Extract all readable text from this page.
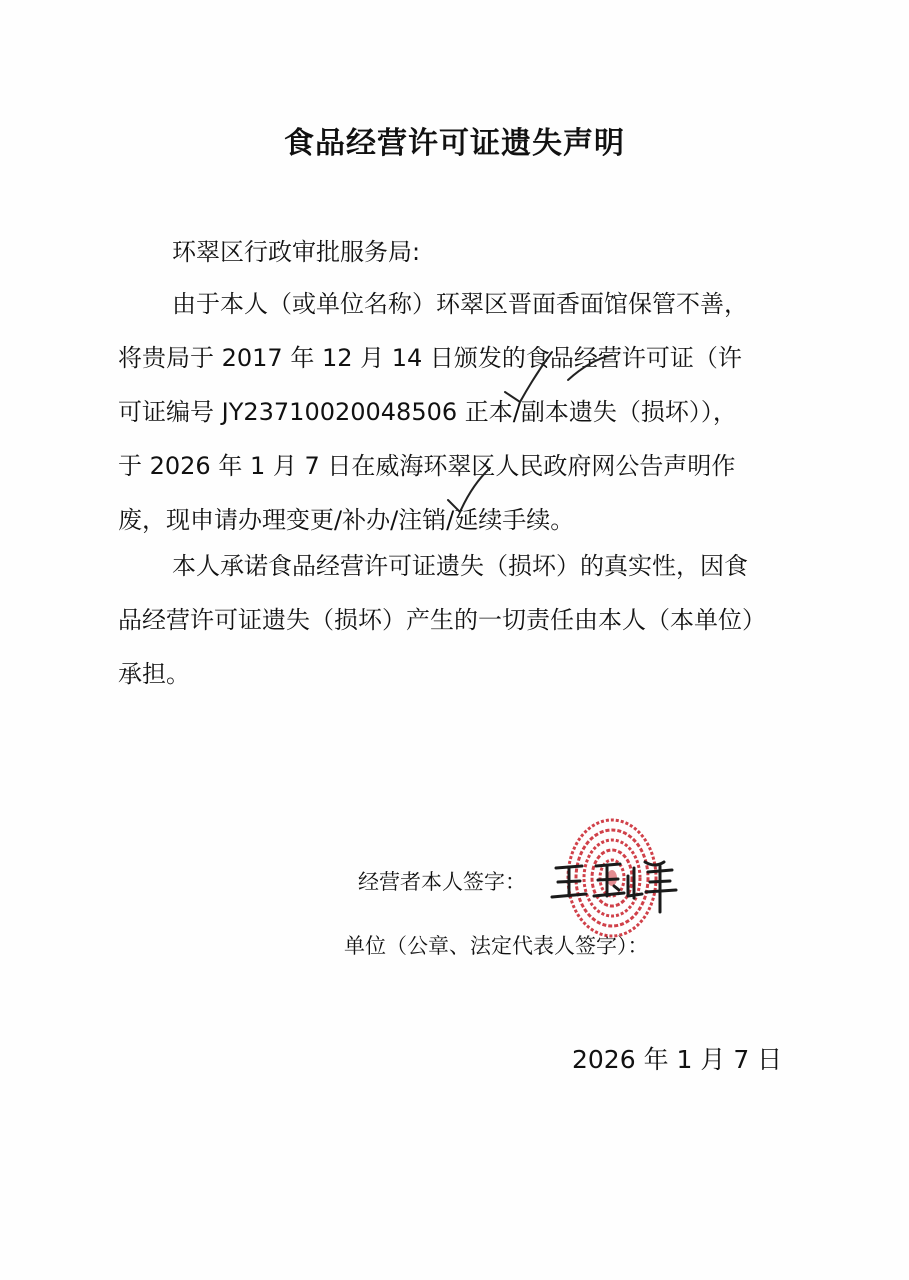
食品经营许可证遗失声明
环翠区行政审批服务局:
由于本人（或单位名称）环翠区晋面香面馆保管不善，
将贵局于 2017 年 12 月 14 日颁发的食品经营许可证（许
可证编号 JY23710020048506 正本/副本遗失（损坏）），
于 2026 年 1 月 7 日在威海环翠区人民政府网公告声明作
废，现申请办理变更/补办/注销/延续手续。
本人承诺食品经营许可证遗失（损坏）的真实性，因食
品经营许可证遗失（损坏）产生的一切责任由本人（本单位）
承担。
经营者本人签字：
单位（公章、法定代表人签字）：
2026 年 1 月 7 日
